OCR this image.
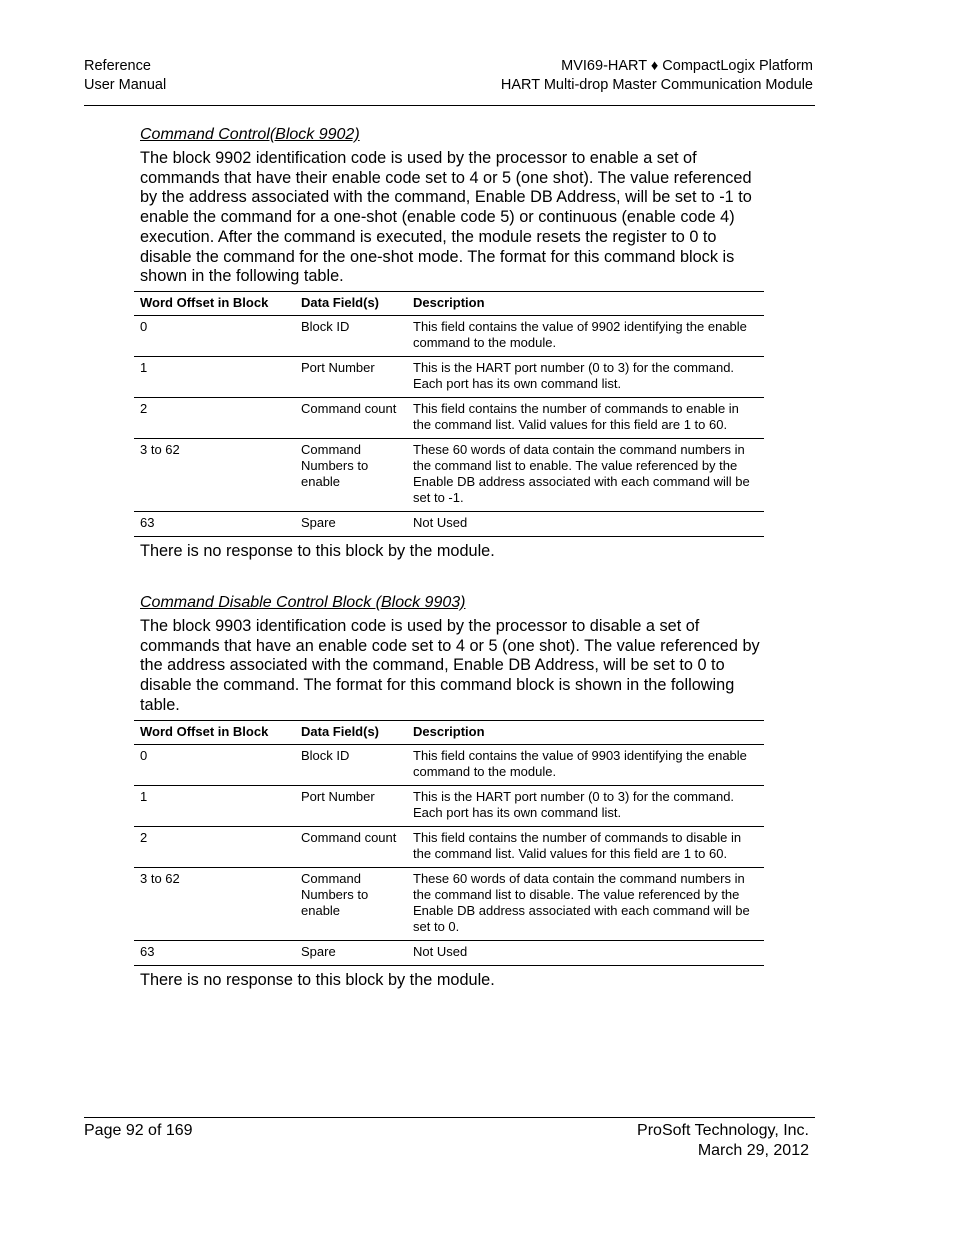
Reference
User Manual
MVI69-HART ♦ CompactLogix Platform
HART Multi-drop Master Communication Module

Command Control(Block 9902)

The block 9902 identification code is used by the processor to enable a set of commands that have their enable code set to 4 or 5 (one shot). The value referenced by the address associated with the command, Enable DB Address, will be set to -1 to enable the command for a one-shot (enable code 5) or continuous (enable code 4) execution. After the command is executed, the module resets the register to 0 to disable the command for the one-shot mode. The format for this command block is shown in the following table.

Word Offset in Block	Data Field(s)	Description
0	Block ID	This field contains the value of 9902 identifying the enable command to the module.
1	Port Number	This is the HART port number (0 to 3) for the command. Each port has its own command list.
2	Command count	This field contains the number of commands to enable in the command list. Valid values for this field are 1 to 60.
3 to 62	Command Numbers to enable	These 60 words of data contain the command numbers in the command list to enable. The value referenced by the Enable DB address associated with each command will be set to -1.
63	Spare	Not Used

There is no response to this block by the module.

Command Disable Control Block (Block 9903)

The block 9903 identification code is used by the processor to disable a set of commands that have an enable code set to 4 or 5 (one shot). The value referenced by the address associated with the command, Enable DB Address, will be set to 0 to disable the command. The format for this command block is shown in the following table.

Word Offset in Block	Data Field(s)	Description
0	Block ID	This field contains the value of 9903 identifying the enable command to the module.
1	Port Number	This is the HART port number (0 to 3) for the command. Each port has its own command list.
2	Command count	This field contains the number of commands to disable in the command list. Valid values for this field are 1 to 60.
3 to 62	Command Numbers to enable	These 60 words of data contain the command numbers in the command list to disable. The value referenced by the Enable DB address associated with each command will be set to 0.
63	Spare	Not Used

There is no response to this block by the module.

Page 92 of 169	ProSoft Technology, Inc.
March 29, 2012
